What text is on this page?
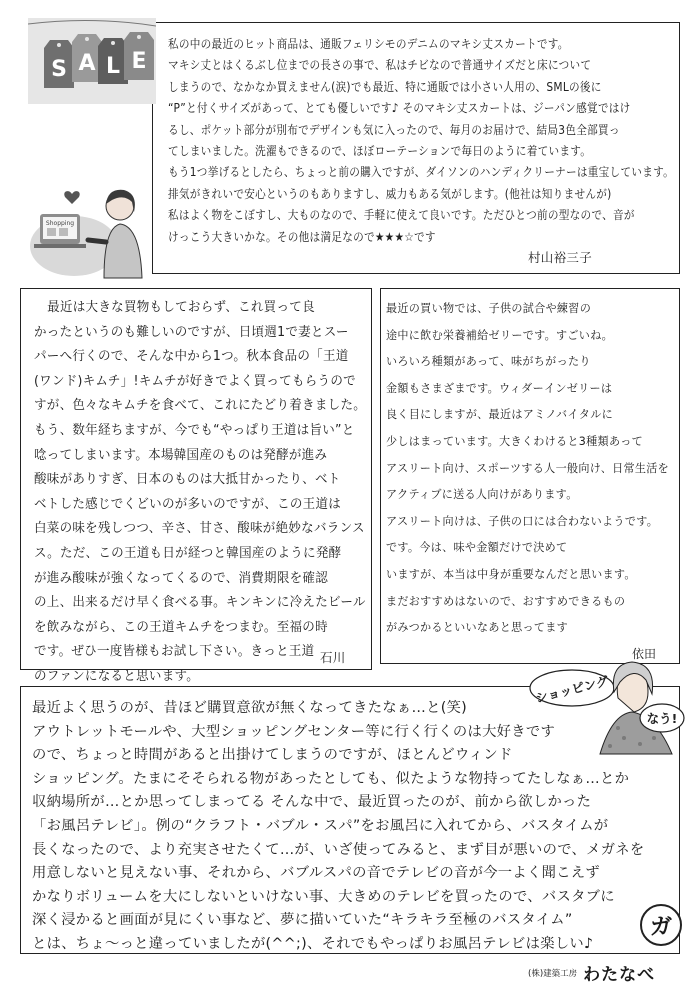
S A L E
Shopping
私の中の最近のヒット商品は、通販フェリシモのデニムのマキシ丈スカートです。
マキシ丈とはくるぶし位までの長さの事で、私はチビなので普通サイズだと床について
しまうので、なかなか買えません(涙)でも最近、特に通販では小さい人用の、SMLの後に
“P”と付くサイズがあって、とても優しいです♪ そのマキシ丈スカートは、ジーパン感覚ではけ
るし、ポケット部分が別布でデザインも気に入ったので、毎月のお届けで、結局3色全部買っ
てしまいました。洗濯もできるので、ほぼローテーションで毎日のように着ています。
もう1つ挙げるとしたら、ちょっと前の購入ですが、ダイソンのハンディクリーナーは重宝しています。
排気がきれいで安心というのもありますし、威力もある気がします。(他社は知りませんが)
私はよく物をこぼすし、大ものなので、手軽に使えて良いです。ただひとつ前の型なので、音が
けっこう大きいかな。その他は満足なので★★★☆です
村山裕三子
最近は大きな買物もしておらず、これ買って良
かったというのも難しいのですが、日頃週1で妻とスー
パーへ行くので、そんな中から1つ。秋本食品の「王道
(ワンド)キムチ」!キムチが好きでよく買ってもらうので
すが、色々なキムチを食べて、これにたどり着きました。
もう、数年経ちますが、今でも“やっぱり王道は旨い”と
唸ってしまいます。本場韓国産のものは発酵が進み
酸味がありすぎ、日本のものは大抵甘かったり、ベト
ベトした感じでくどいのが多いのですが、この王道は
白菜の味を残しつつ、辛さ、甘さ、酸味が絶妙なバランス
ス。ただ、この王道も日が経つと韓国産のように発酵
が進み酸味が強くなってくるので、消費期限を確認
の上、出来るだけ早く食べる事。キンキンに冷えたビール
を飲みながら、この王道キムチをつまむ。至福の時
です。ぜひ一度皆様もお試し下さい。きっと王道
のファンになると思います。
石川
最近の買い物では、子供の試合や練習の
途中に飲む栄養補給ゼリーです。すごいね。
いろいろ種類があって、味がちがったり
金額もさまざまです。ウィダーインゼリーは
良く目にしますが、最近はアミノバイタルに
少しはまっています。大きくわけると3種類あって
アスリート向け、スポーツする人一般向け、日常生活を
アクティブに送る人向けがあります。
アスリート向けは、子供の口には合わないようです。
です。今は、味や金額だけで決めて
いますが、本当は中身が重要なんだと思います。
まだおすすめはないので、おすすめできるもの
がみつかるといいなあと思ってます
最近よく思うのが、昔ほど購買意欲が無くなってきたなぁ…と(笑)
アウトレットモールや、大型ショッピングセンター等に行く行くのは大好きです
ので、ちょっと時間があると出掛けてしまうのですが、ほとんどウィンド
ショッピング。たまにそそられる物があったとしても、似たような物持ってたしなぁ…とか
収納場所が…とか思ってしまってる そんな中で、最近買ったのが、前から欲しかった
「お風呂テレビ」。例の“クラフト・バブル・スパ”をお風呂に入れてから、バスタイムが
長くなったので、より充実させたくて…が、いざ使ってみると、まず目が悪いので、メガネを
用意しないと見えない事、それから、バブルスパの音でテレビの音が今一よく聞こえず
かなりボリュームを大にしないといけない事、大きめのテレビを買ったので、バスタブに
深く浸かると画面が見にくい事など、夢に描いていた“キラキラ至極のバスタイム”
とは、ちょ～っと違っていましたが(^^;)、それでもやっぱりお風呂テレビは楽しい♪
ショッピング
依田
なう!
ガ
(株)建築工房 わたなべ
